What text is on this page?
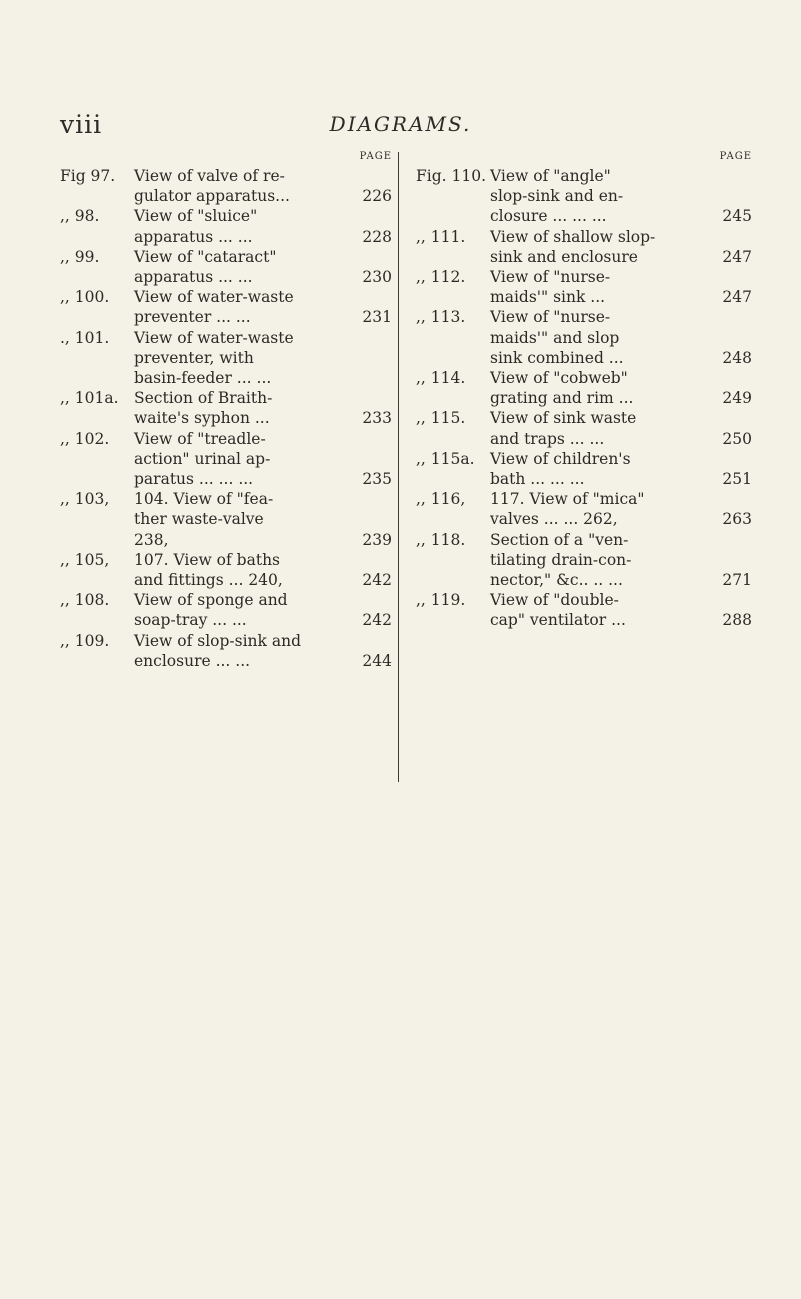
viii	DIAGRAMS.
PAGE
Fig 97. View of valve of re-
gulator apparatus...	226
,, 98. View of "sluice"
apparatus ... ...	228
,, 99. View of "cataract"
apparatus ... ...	230
,, 100. View of water-waste
preventer ... ...	231
., 101. View of water-waste
preventer, with
basin-feeder ... ...
,, 101a. Section of Braith-
waite's syphon ...	233
,, 102. View of "treadle-
action" urinal ap-
paratus ... ... ...	235
,, 103, 104. View of "fea-
ther waste-valve
238,	239
,, 105, 107. View of baths
and fittings ... 240,	242
,, 108. View of sponge and
soap-tray ... ...	242
,, 109. View of slop-sink and
enclosure ... ...	244
PAGE
Fig. 110. View of "angle"
slop-sink and en-
closure ... ... ...	245
,, 111. View of shallow slop-
sink and enclosure	247
,, 112. View of "nurse-
maids'" sink ...	247
,, 113. View of "nurse-
maids'" and slop
sink combined ...	248
,, 114. View of "cobweb"
grating and rim ...	249
,, 115. View of sink waste
and traps ... ...	250
,, 115a. View of children's
bath ... ... ...	251
,, 116, 117. View of "mica"
valves ... ... 262,	263
,, 118. Section of a "ven-
tilating drain-con-
nector," &c.. .. ...	271
,, 119. View of "double-
cap" ventilator ...	288
